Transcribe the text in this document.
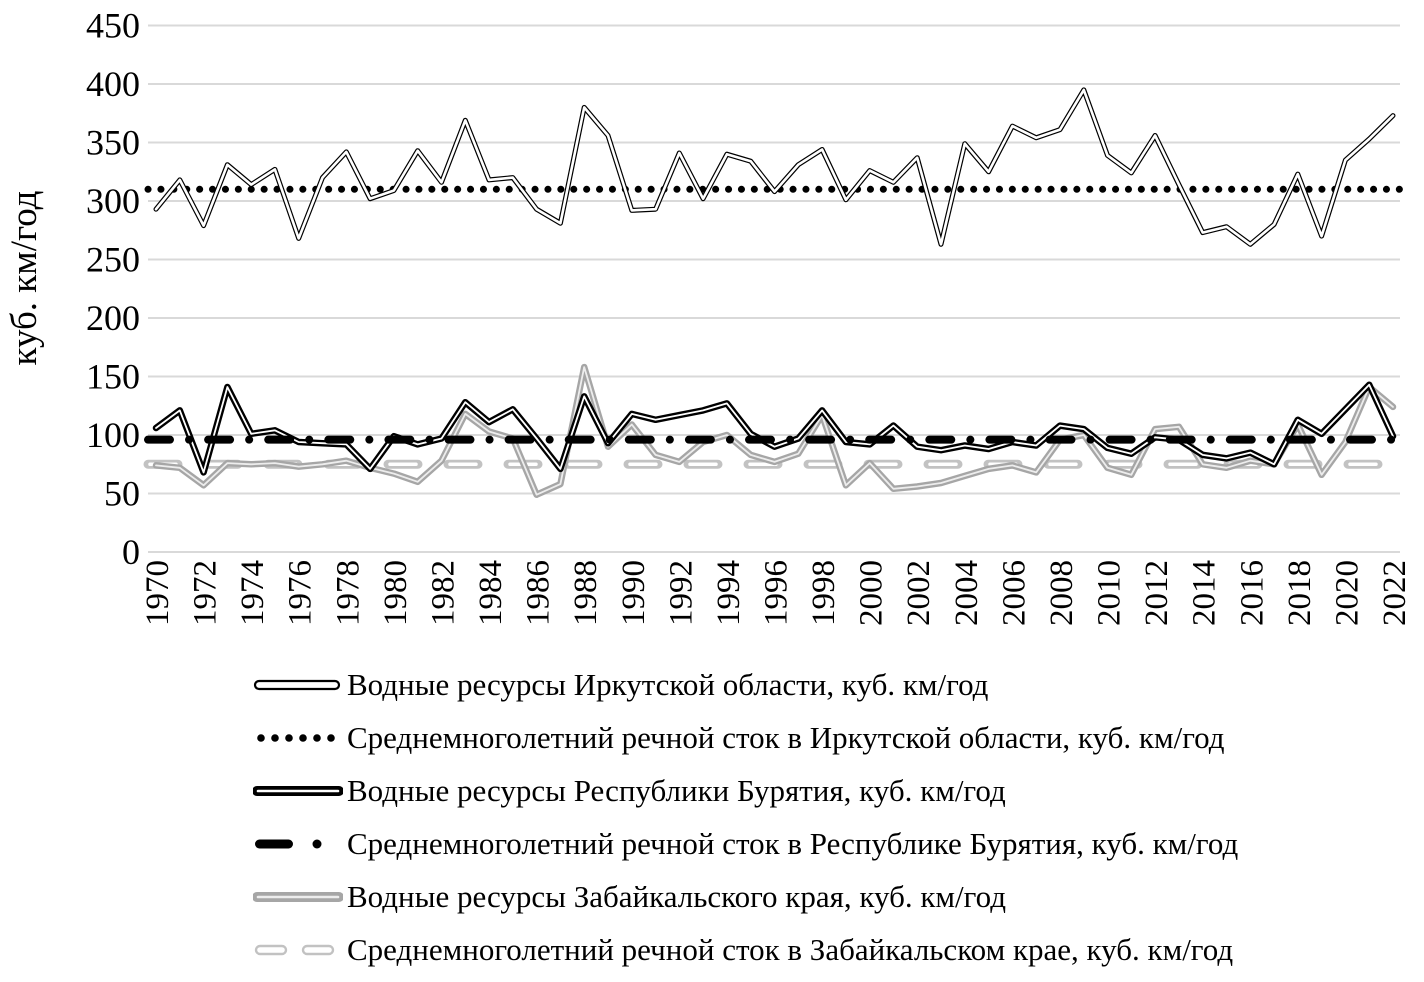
450
400
350
300
250
200
150
100
50
0
1970 1972 1974 1976 1978 1980 1982 1984 1986 1988 1990 1992 1994 1996 1998 2000 2002 2004 2006 2008 2010 2012 2014 2016 2018 2020 2022
куб. км/год
Водные ресурсы Иркутской области, куб. км/год
Среднемноголетний речной сток в Иркутской области, куб. км/год
Водные ресурсы Республики Бурятия, куб. км/год
Среднемноголетний речной сток в Республике Бурятия, куб. км/год
Водные ресурсы Забайкальского края, куб. км/год
Среднемноголетний речной сток в Забайкальском крае, куб. км/год
